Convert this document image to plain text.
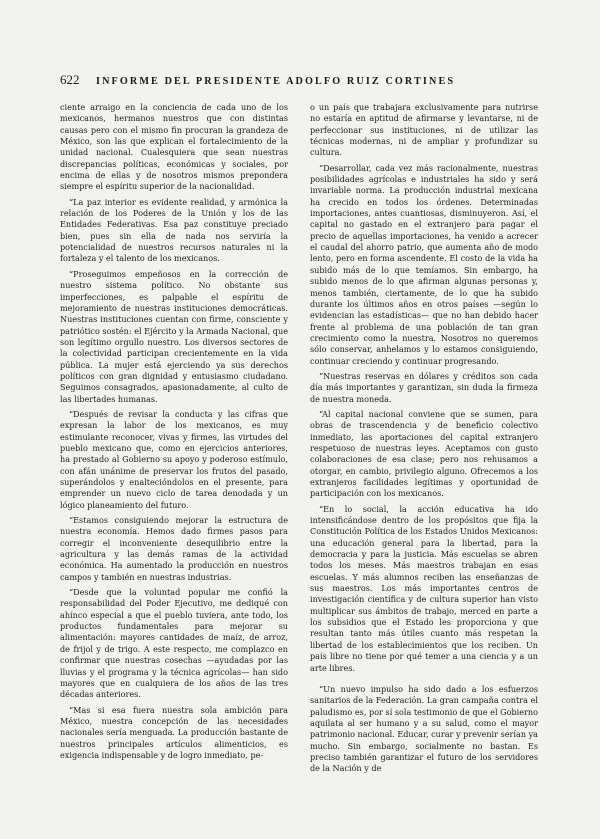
622	INFORME DEL PRESIDENTE ADOLFO RUIZ CORTINES

ciente arraigo en la conciencia de cada uno de los mexicanos, hermanos nuestros que con distintas causas pero con el mismo fin procuran la grandeza de México, son las que explican el fortalecimiento de la unidad nacional. Cualesquiera que sean nuestras discrepancias políticas, económicas y sociales, por encima de ellas y de nosotros mismos prepondera siempre el espíritu superior de la nacionalidad.

“La paz interior es evidente realidad, y armónica la relación de los Poderes de la Unión y los de las Entidades Federativas. Esa paz constituye preciado bien, pues sin ella de nada nos serviría la potencialidad de nuestros recursos naturales ni la fortaleza y el talento de los mexicanos.

“Proseguimos empeñosos en la corrección de nuestro sistema político. No obstante sus imperfecciones, es palpable el espíritu de mejoramiento de nuestras instituciones democráticas. Nuestras instituciones cuentan con firme, consciente y patriótico sostén: el Ejército y la Armada Nacional, que son legítimo orgullo nuestro. Los diversos sectores de la colectividad participan crecientemente en la vida pública. La mujer está ejerciendo ya sus derechos políticos con gran dignidad y entusiasmo ciudadano. Seguimos consagrados, apasionadamente, al culto de las libertades humanas.

“Después de revisar la conducta y las cifras que expresan la labor de los mexicanos, es muy estimulante reconocer, vivas y firmes, las virtudes del pueblo mexicano que, como en ejercicios anteriores, ha prestado al Gobierno su apoyo y poderoso estímulo, con afán unánime de preservar los frutos del pasado, superándolos y enaltecióndolos en el presente, para emprender un nuevo ciclo de tarea denodada y un lógico planeamiento del futuro.

“Estamos consiguiendo mejorar la estructura de nuestra economía. Hemos dado firmes pasos para corregir el inconveniente desequilibrio entre la agricultura y las demás ramas de la actividad económica. Ha aumentado la producción en nuestros campos y también en nuestras industrias.

“Desde que la voluntad popular me confió la responsabilidad del Poder Ejecutivo, me dediqué con ahínco especial a que el pueblo tuviera, ante todo, los productos fundamentales para mejorar su alimentación: mayores cantidades de maíz, de arroz, de frijol y de trigo. A este respecto, me complazco en confirmar que nuestras cosechas —ayudadas por las lluvias y el programa y la técnica agrícolas— han sido mayores que en cualquiera de los años de las tres décadas anteriores.

“Mas si esa fuera nuestra sola ambición para México, nuestra concepción de las necesidades nacionales sería menguada. La producción bastante de nuestros principales artículos alimenticios, es exigencia indispensable y de logro inmediato, pe-

o un país que trabajara exclusivamente para nutrirse no estaría en aptitud de afirmarse y levantarse, ni de perfeccionar sus instituciones, ni de utilizar las técnicas modernas, ni de ampliar y profundizar su cultura.

“Desarrollar, cada vez más racionalmente, nuestras posibilidades agrícolas e industriales ha sido y será invariable norma. La producción industrial mexicana ha crecido en todos los órdenes. Determinadas importaciones, antes cuantiosas, disminuyeron. Así, el capital no gastado en el extranjero para pagar el precio de aquellas importaciones, ha venido a acrecer el caudal del ahorro patrio, que aumenta año de modo lento, pero en forma ascendente. El costo de la vida ha subido más de lo que temíamos. Sin embargo, ha subido menos de lo que afirman algunas personas y, menos también, ciertamente, de lo que ha subido durante los últimos años en otros países —según lo evidencian las estadísticas— que no han debido hacer frente al problema de una población de tan gran crecimiento como la nuestra. Nosotros no queremos sólo conservar, anhelamos y lo estamos consiguiendo, continuar creciendo y continuar progresando.

“Nuestras reservas en dólares y créditos son cada día más importantes y garantizan, sin duda la firmeza de nuestra moneda.

“Al capital nacional conviene que se sumen, para obras de trascendencia y de beneficio colectivo inmediato, las aportaciones del capital extranjero respetuoso de nuestras leyes. Aceptamos con gusto colaboraciones de esa clase; pero nos rehusamos a otorgar, en cambio, privilegio alguno. Ofrecemos a los extranjeros facilidades legítimas y oportunidad de participación con los mexicanos.

“En lo social, la acción educativa ha ido intensificándose dentro de los propósitos que fija la Constitución Política de los Estados Unidos Mexicanos: una educación general para la libertad, para la democracia y para la justicia. Más escuelas se abren todos los meses. Más maestros trabajan en esas escuelas. Y más alumnos reciben las enseñanzas de sus maestros. Los más importantes centros de investigación científica y de cultura superior han visto multiplicar sus ámbitos de trabajo, merced en parte a los subsidios que el Estado les proporciona y que resultan tanto más útiles cuanto más respetan la libertad de los establecimientos que los reciben. Un país libre no tiene por qué temer a una ciencia y a un arte libres.

“Un nuevo impulso ha sido dado a los esfuerzos sanitarios de la Federación. La gran campaña contra el paludismo es, por sí sola testimonio de que el Gobierno aquilata al ser humano y a su salud, como el mayor patrimonio nacional. Educar, curar y prevenir serían ya mucho. Sin embargo, socialmente no bastan. Es preciso también garantizar el futuro de los servidores de la Nación y de
